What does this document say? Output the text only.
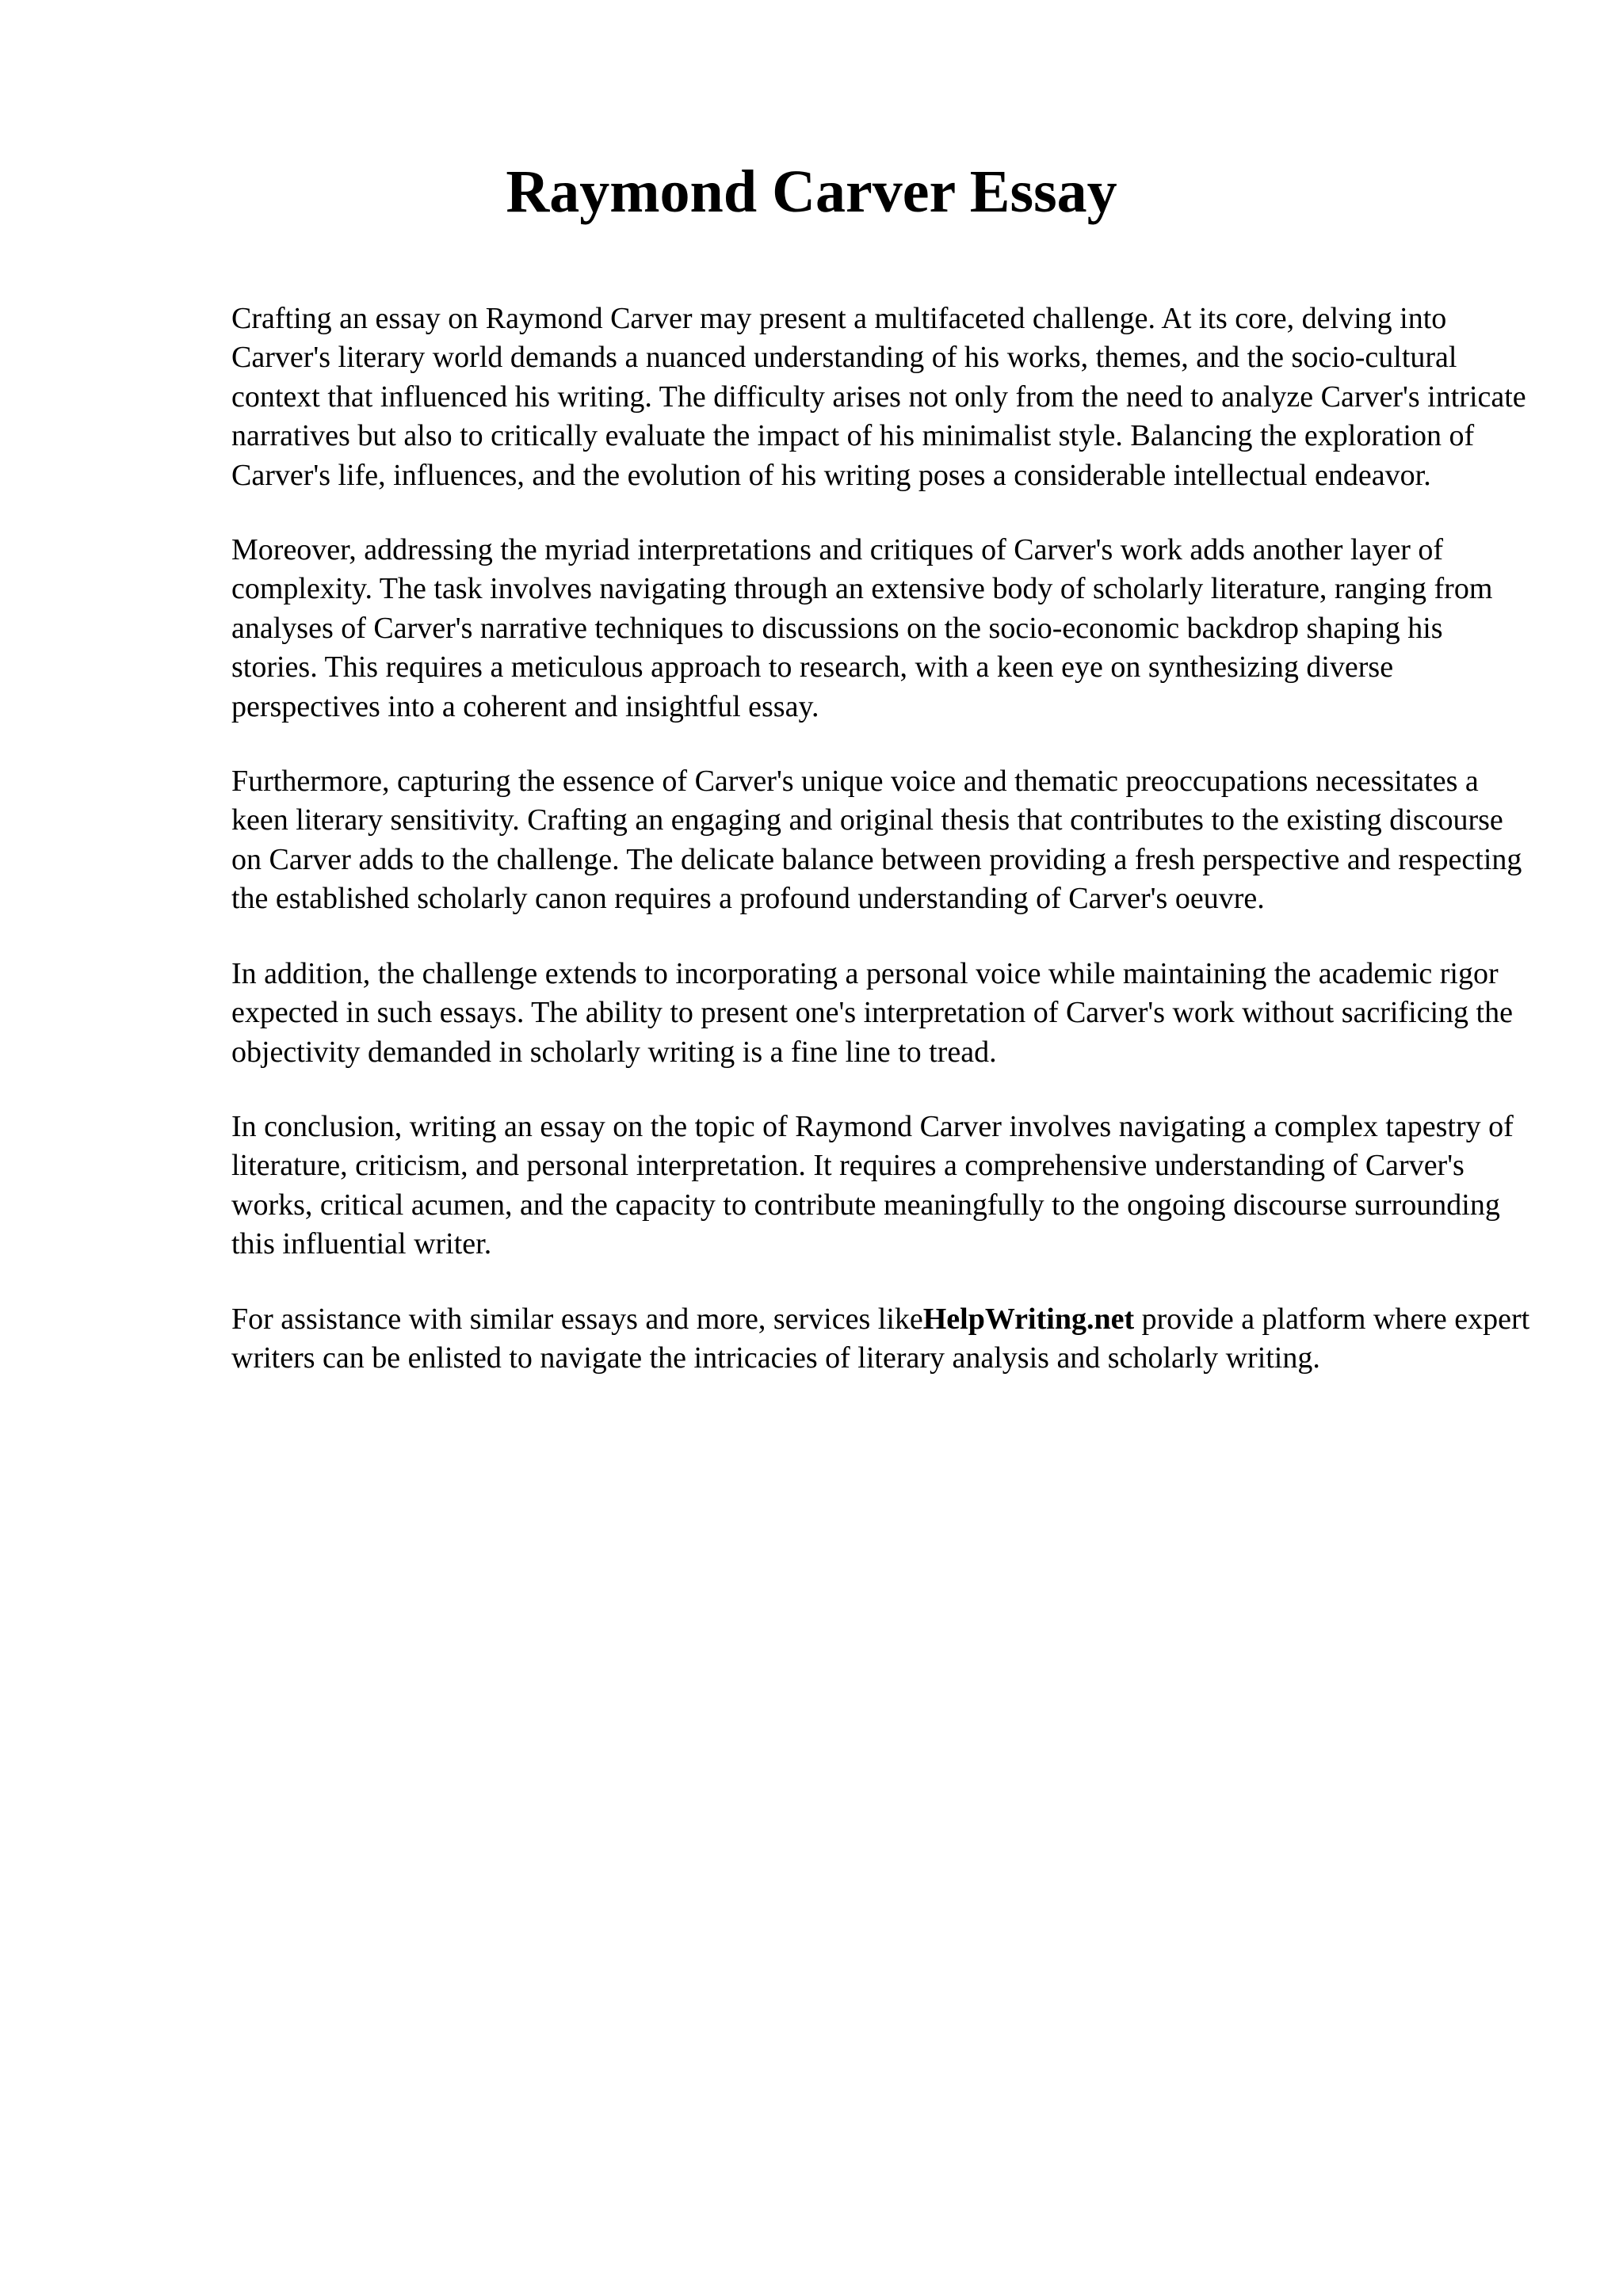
Raymond Carver Essay

Crafting an essay on Raymond Carver may present a multifaceted challenge. At its core, delving into Carver's literary world demands a nuanced understanding of his works, themes, and the socio-cultural context that influenced his writing. The difficulty arises not only from the need to analyze Carver's intricate narratives but also to critically evaluate the impact of his minimalist style. Balancing the exploration of Carver's life, influences, and the evolution of his writing poses a considerable intellectual endeavor.

Moreover, addressing the myriad interpretations and critiques of Carver's work adds another layer of complexity. The task involves navigating through an extensive body of scholarly literature, ranging from analyses of Carver's narrative techniques to discussions on the socio-economic backdrop shaping his stories. This requires a meticulous approach to research, with a keen eye on synthesizing diverse perspectives into a coherent and insightful essay.

Furthermore, capturing the essence of Carver's unique voice and thematic preoccupations necessitates a keen literary sensitivity. Crafting an engaging and original thesis that contributes to the existing discourse on Carver adds to the challenge. The delicate balance between providing a fresh perspective and respecting the established scholarly canon requires a profound understanding of Carver's oeuvre.

In addition, the challenge extends to incorporating a personal voice while maintaining the academic rigor expected in such essays. The ability to present one's interpretation of Carver's work without sacrificing the objectivity demanded in scholarly writing is a fine line to tread.

In conclusion, writing an essay on the topic of Raymond Carver involves navigating a complex tapestry of literature, criticism, and personal interpretation. It requires a comprehensive understanding of Carver's works, critical acumen, and the capacity to contribute meaningfully to the ongoing discourse surrounding this influential writer.

For assistance with similar essays and more, services likeHelpWriting.net provide a platform where expert writers can be enlisted to navigate the intricacies of literary analysis and scholarly writing.
